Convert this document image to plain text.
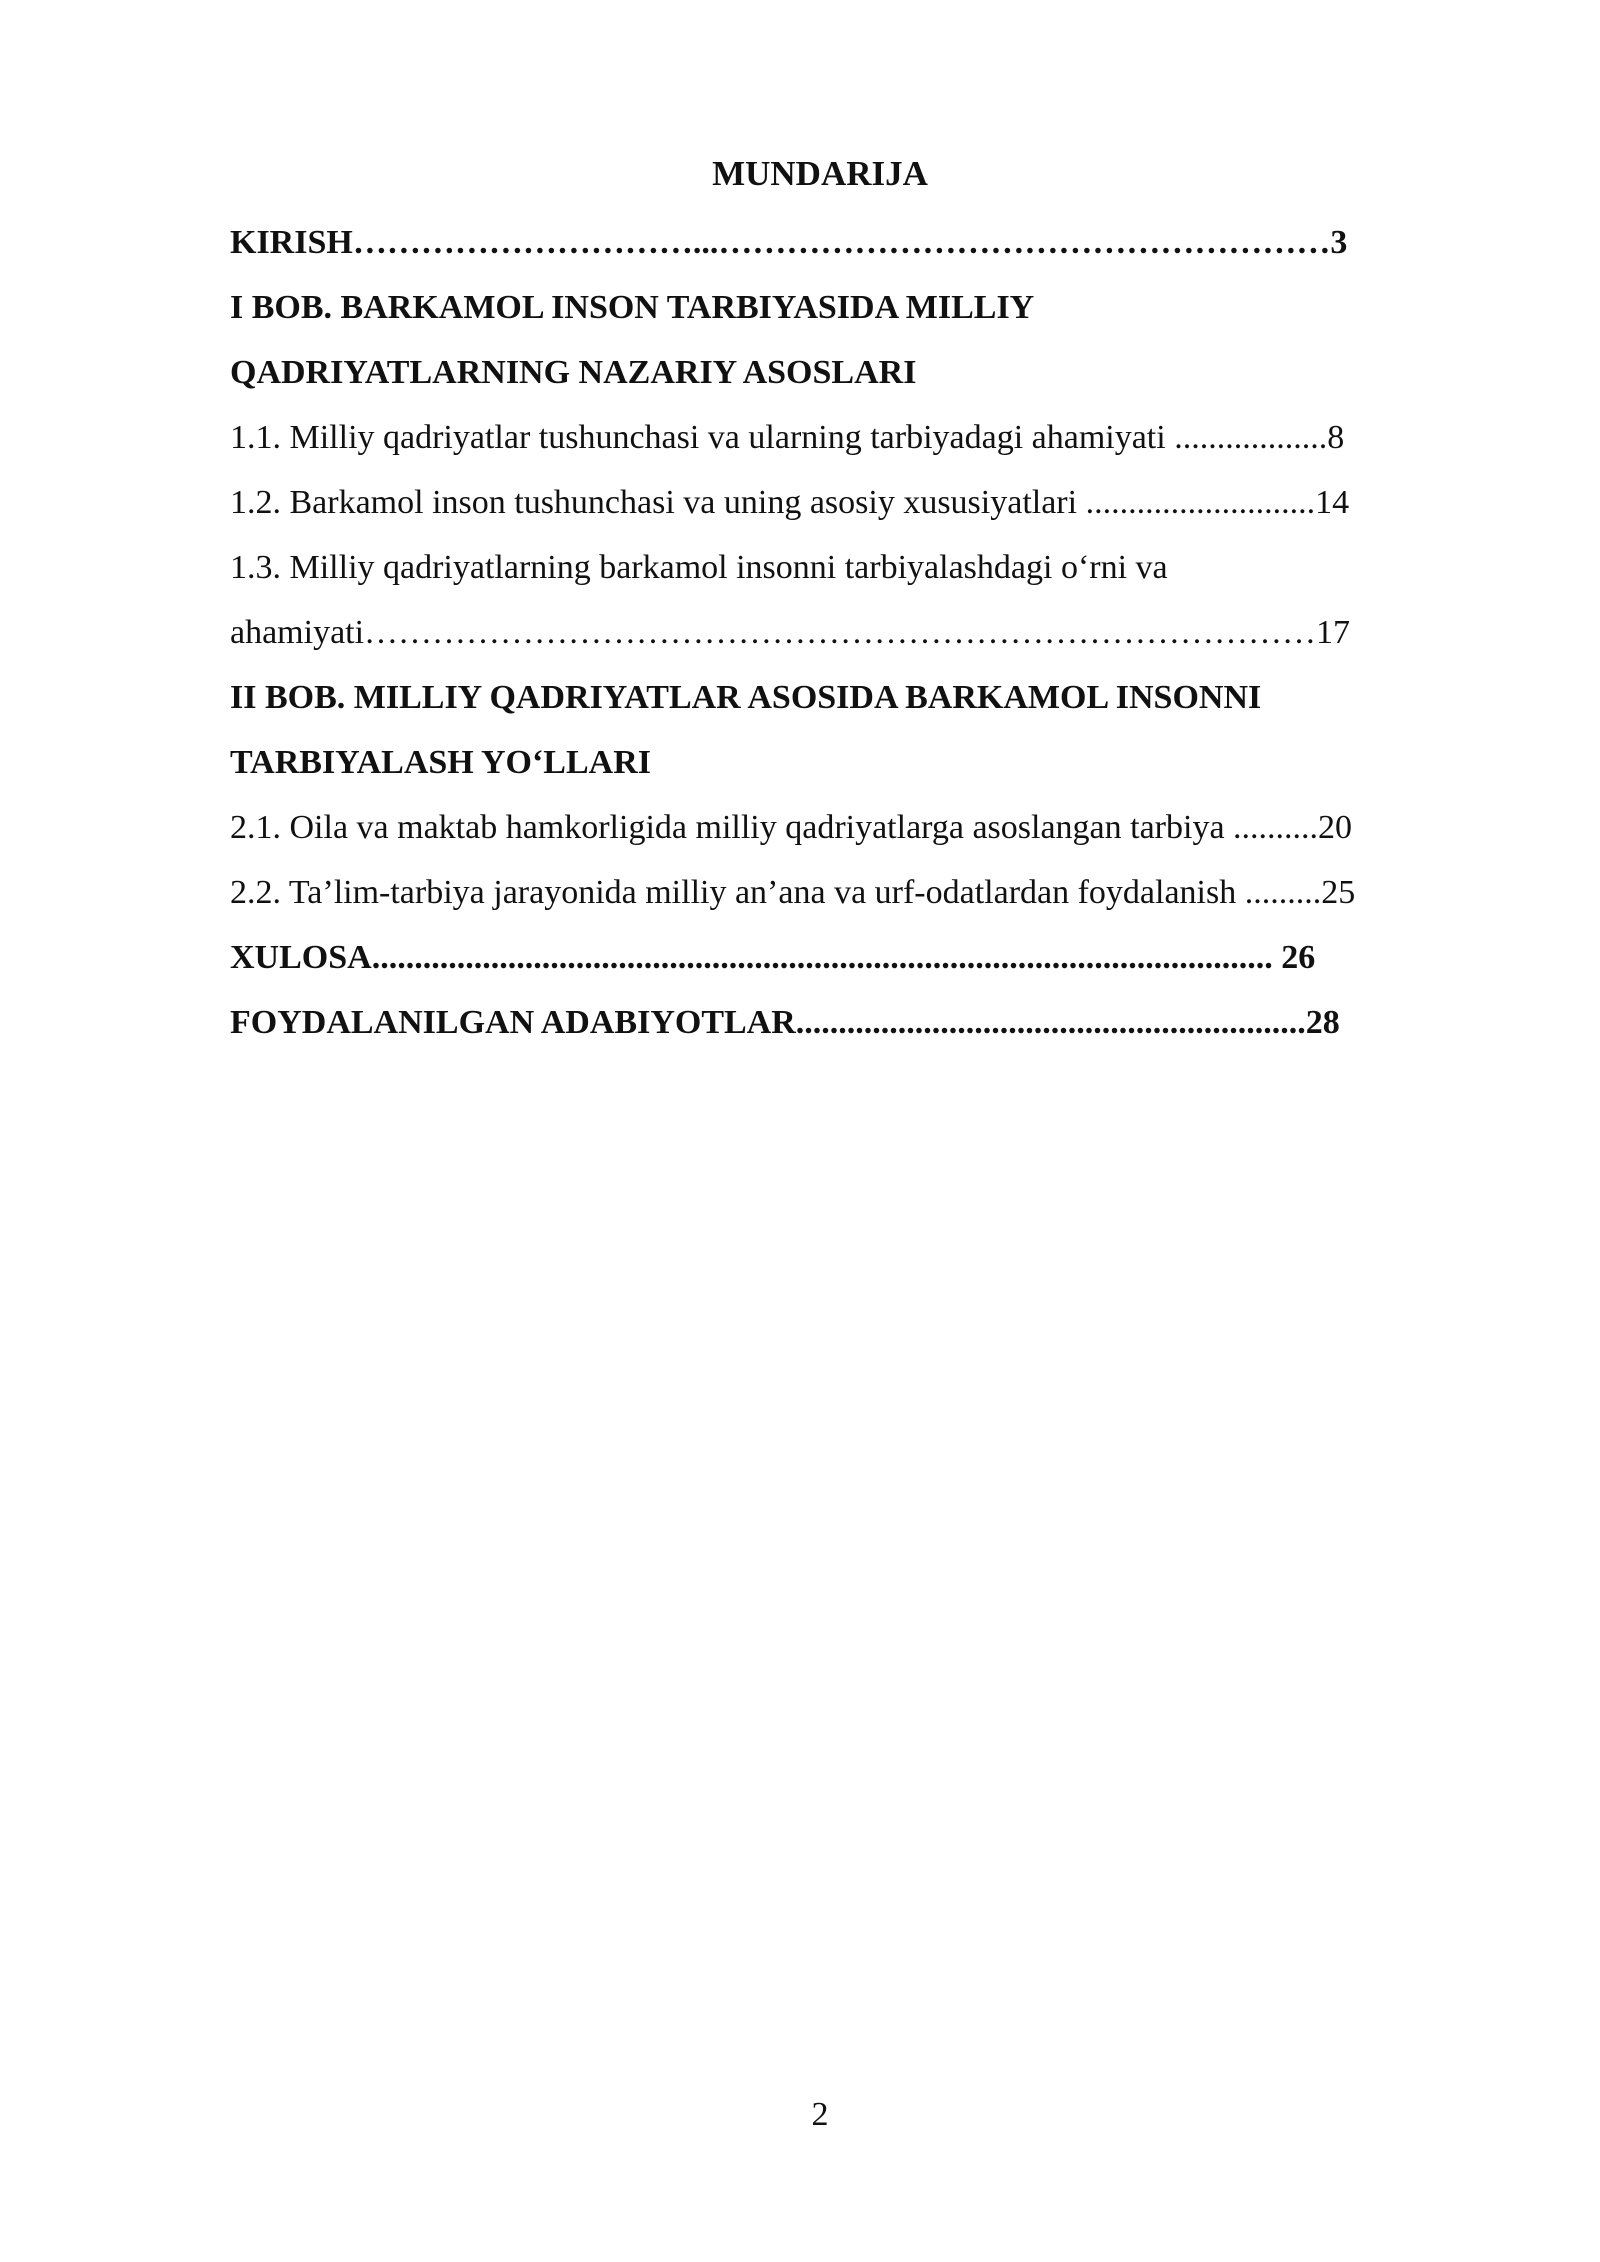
MUNDARIJA
KIRISH…………………………...………………………………………………3
I BOB. BARKAMOL INSON TARBIYASIDA MILLIY
QADRIYATLARNING NAZARIY ASOSLARI
1.1. Milliy qadriyatlar tushunchasi va ularning tarbiyadagi ahamiyati ..................8
1.2. Barkamol inson tushunchasi va uning asosiy xususiyatlari ...........................14
1.3. Milliy qadriyatlarning barkamol insonni tarbiyalashdagi o‘rni va
ahamiyati…………………………………………………………………………17
II BOB. MILLIY QADRIYATLAR ASOSIDA BARKAMOL INSONNI
TARBIYALASH YO‘LLARI
2.1. Oila va maktab hamkorligida milliy qadriyatlarga asoslangan tarbiya ..........20
2.2. Ta’lim-tarbiya jarayonida milliy an’ana va urf-odatlardan foydalanish .........25
XULOSA.......................................................................................................... 26
FOYDALANILGAN ADABIYOTLAR............................................................28
2
